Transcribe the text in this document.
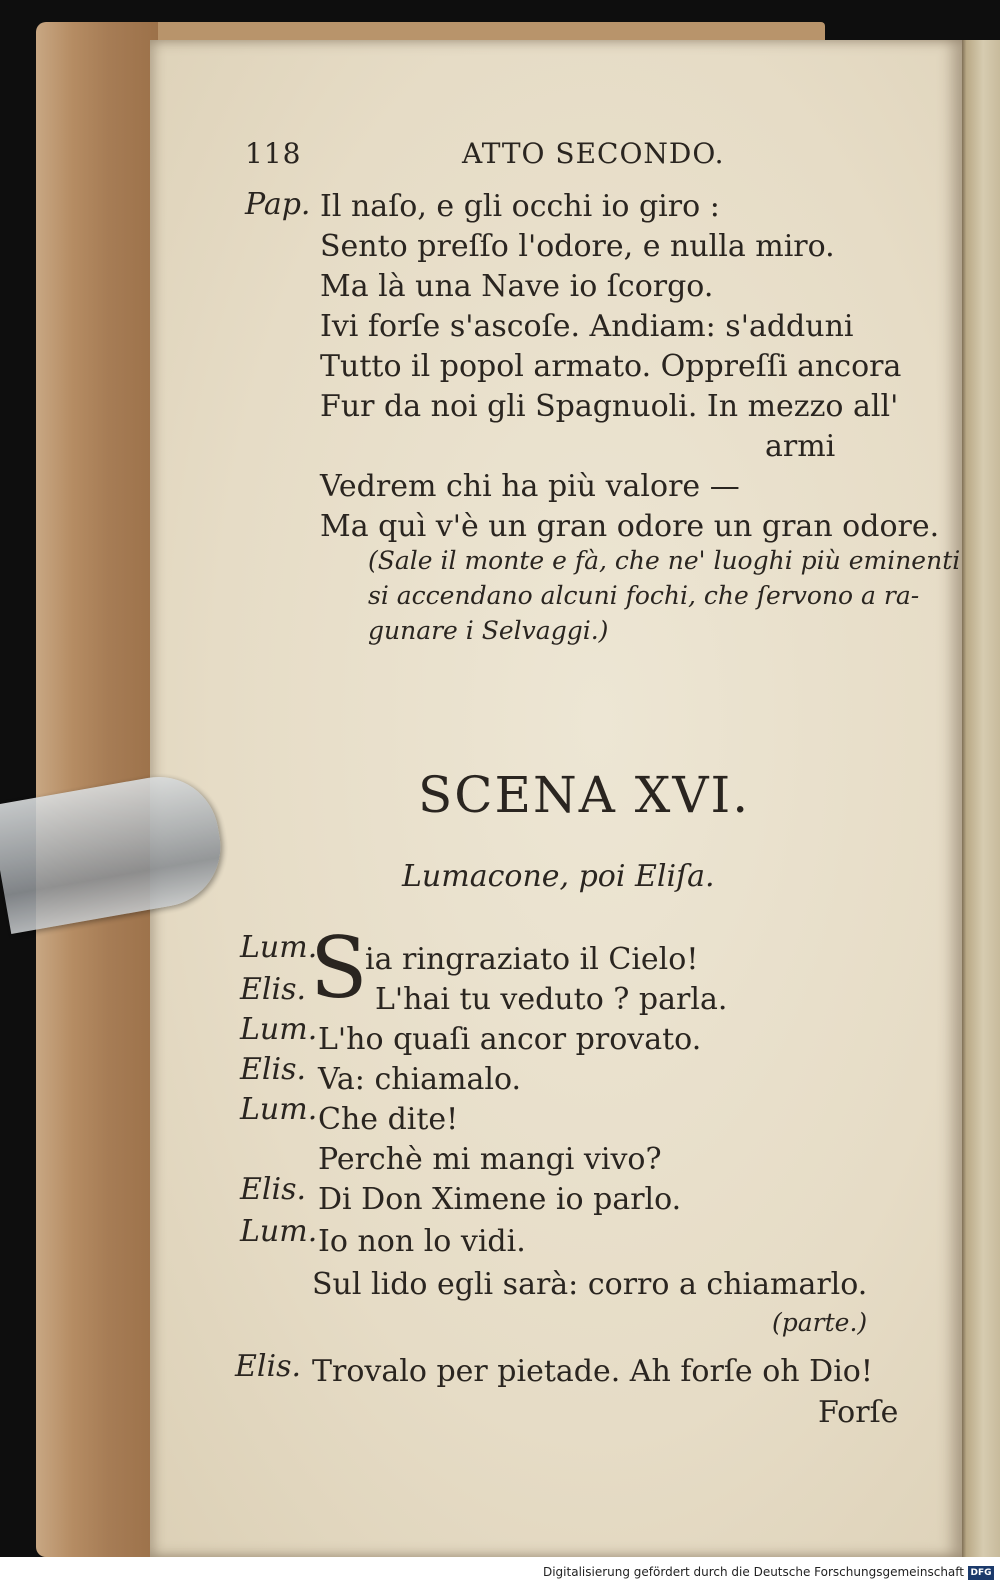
118	ATTO SECONDO.
Pap. Il naſo, e gli occhi io giro :
Sento preſſo l'odore, e nulla miro.
Ma là una Nave io ſcorgo.
Ivi forſe s'ascoſe. Andiam: s'adduni
Tutto il popol armato. Oppreſſi ancora
Fur da noi gli Spagnuoli. In mezzo all'
armi
Vedrem chi ha più valore —
Ma quì v'è un gran odore un gran odore.
(Sale il monte e fà, che ne' luoghi più eminenti
si accendano alcuni fochi, che ſervono a ra-
gunare i Selvaggi.)
SCENA XVI.
Lumacone, poi Eliſa.
S
Lum. ia ringraziato il Cielo!
Elis. L'hai tu veduto ? parla.
Lum. L'ho quaſi ancor provato.
Elis. Va: chiamalo.
Lum. Che dite!
Perchè mi mangi vivo?
Elis. Di Don Ximene io parlo.
Lum. Io non lo vidi.
Sul lido egli sarà: corro a chiamarlo.
(parte.)
Elis. Trovalo per pietade. Ah forſe oh Dio!
Forſe
Digitalisierung gefördert durch die Deutsche Forschungsgemeinschaft DFG
